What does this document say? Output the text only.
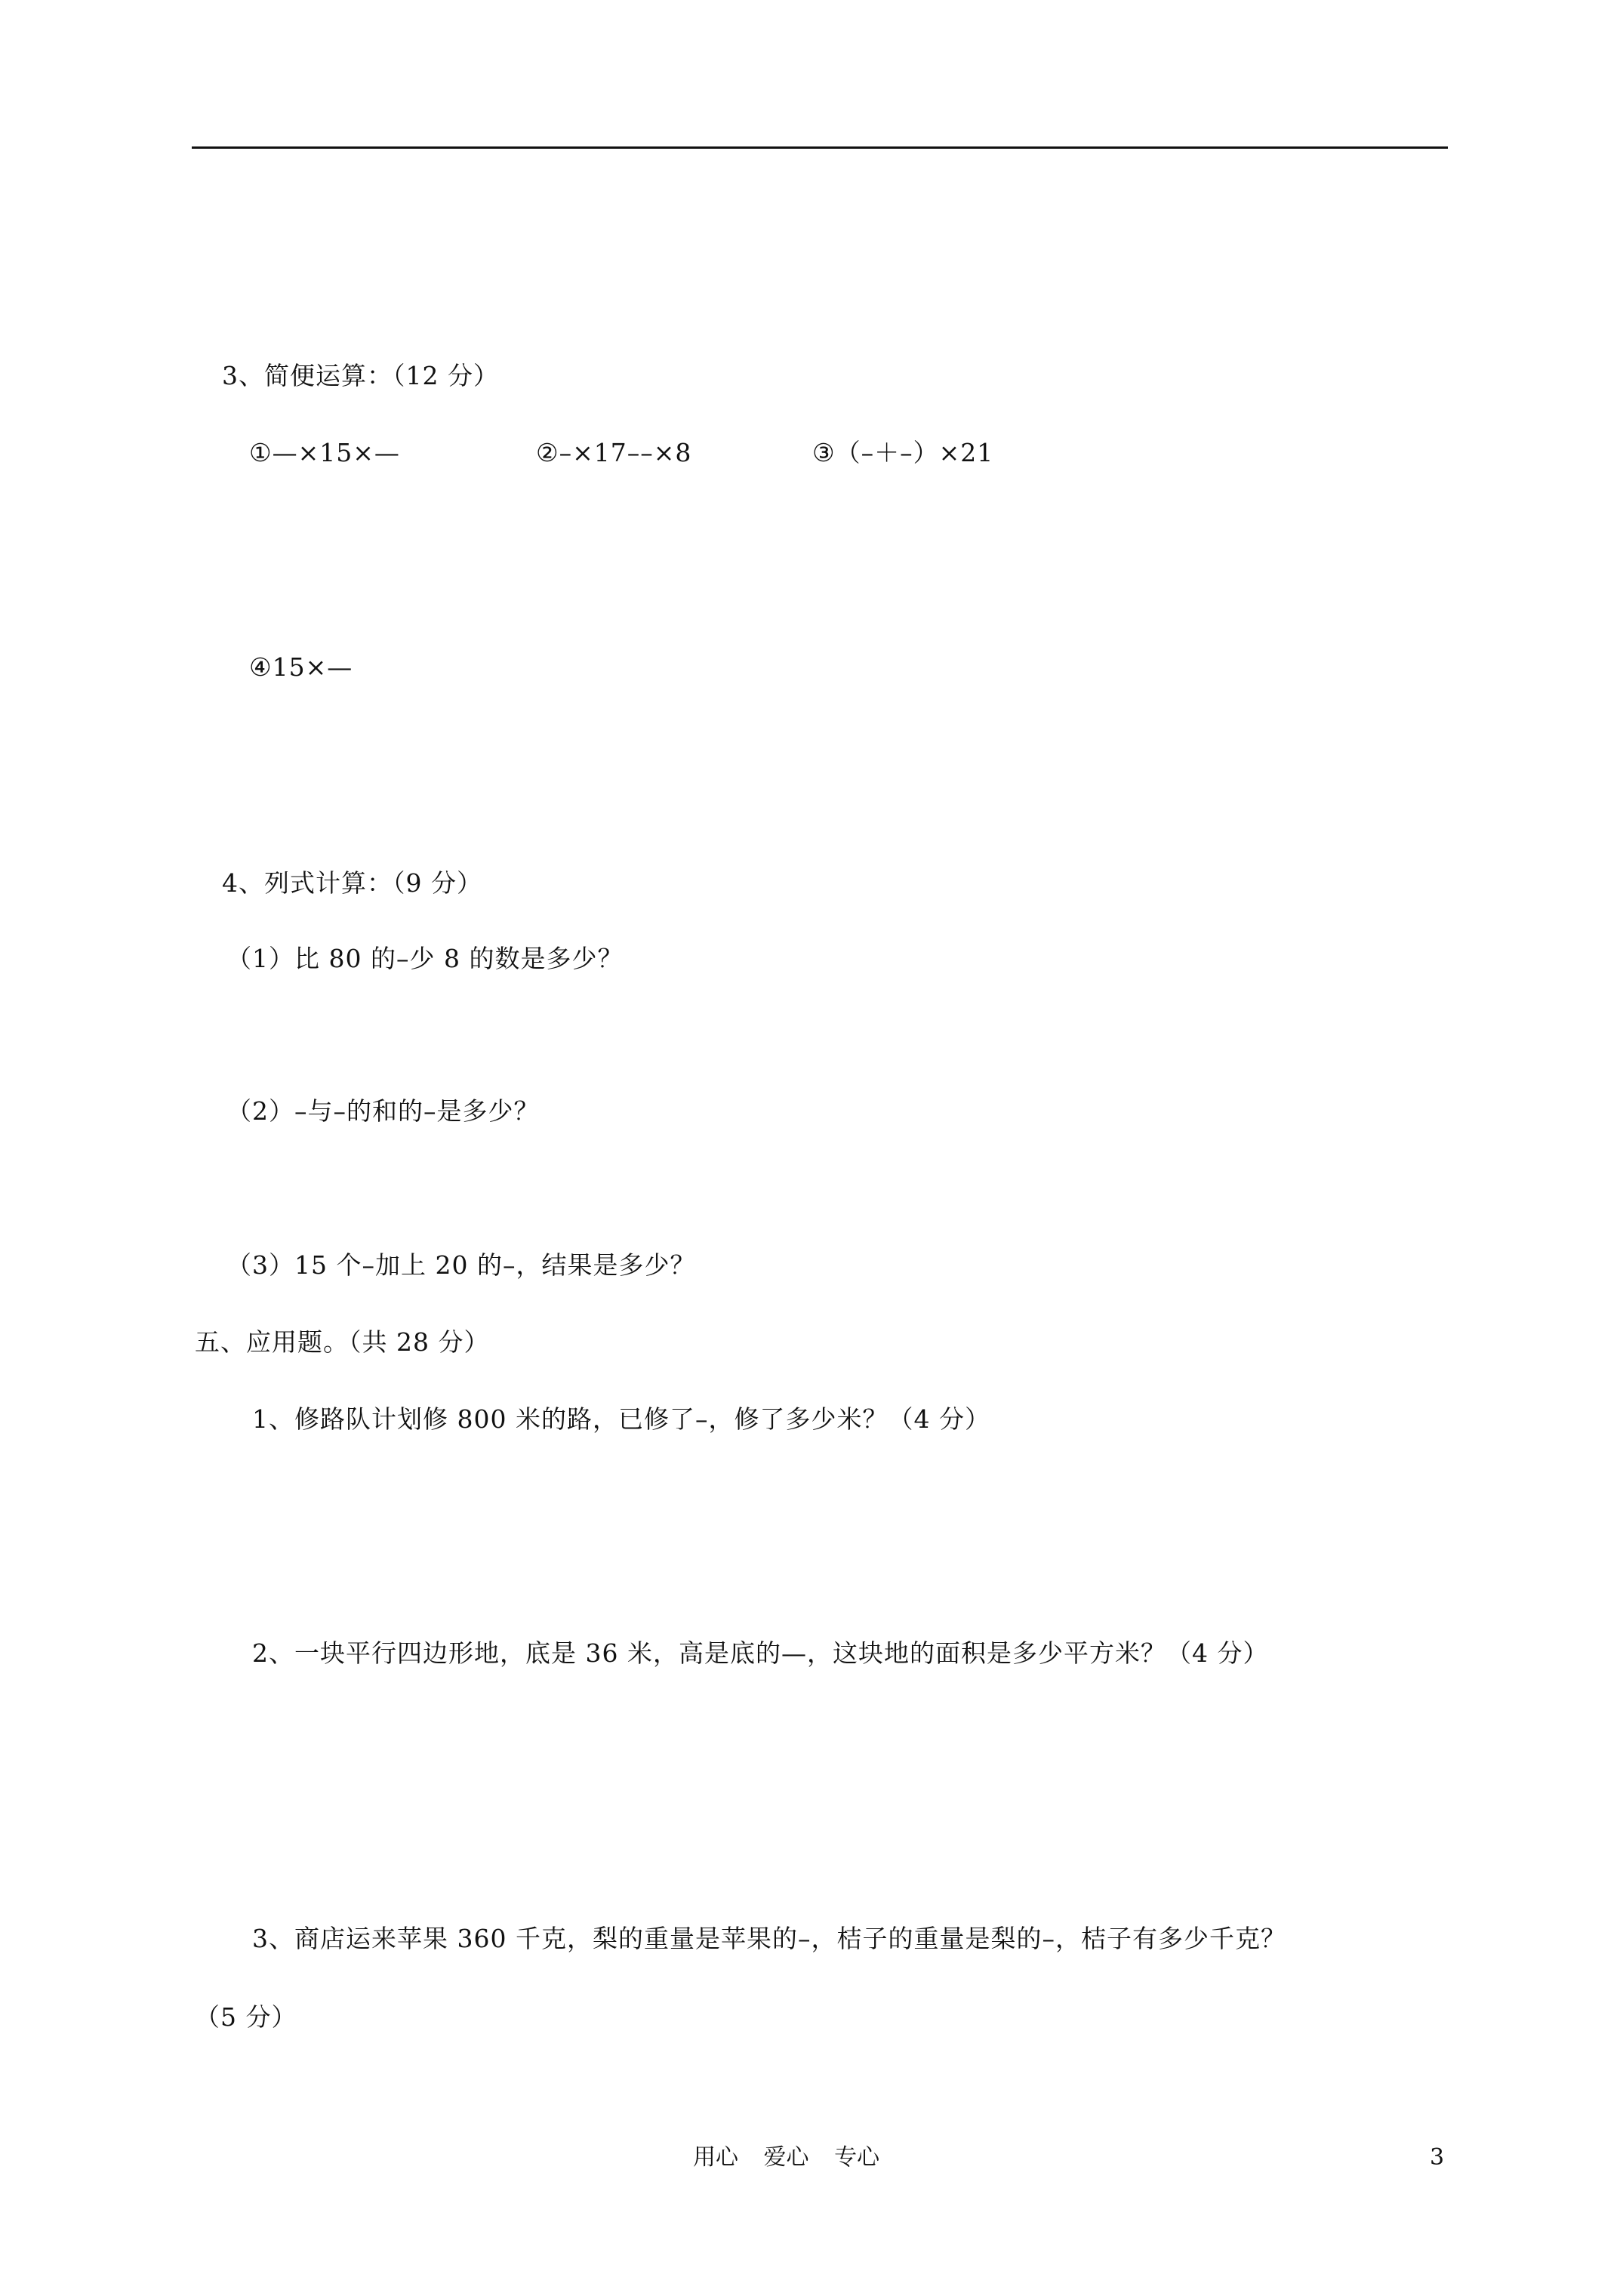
3、简便运算：（12 分）
①—×15×—	②–×17––×8	③（–＋–）×21
④15×—
4、列式计算：（9 分）
（1）比 80 的–少 8 的数是多少？
（2）–与–的和的–是多少？
（3）15 个–加上 20 的–，结果是多少？
五、应用题。（共 28 分）
1、修路队计划修 800 米的路，已修了–，修了多少米？（4 分）
2、一块平行四边形地，底是 36 米，高是底的—，这块地的面积是多少平方米？（4 分）
3、商店运来苹果 360 千克，梨的重量是苹果的–，桔子的重量是梨的–，桔子有多少千克？
（5 分）
用心 爱心 专心	3
